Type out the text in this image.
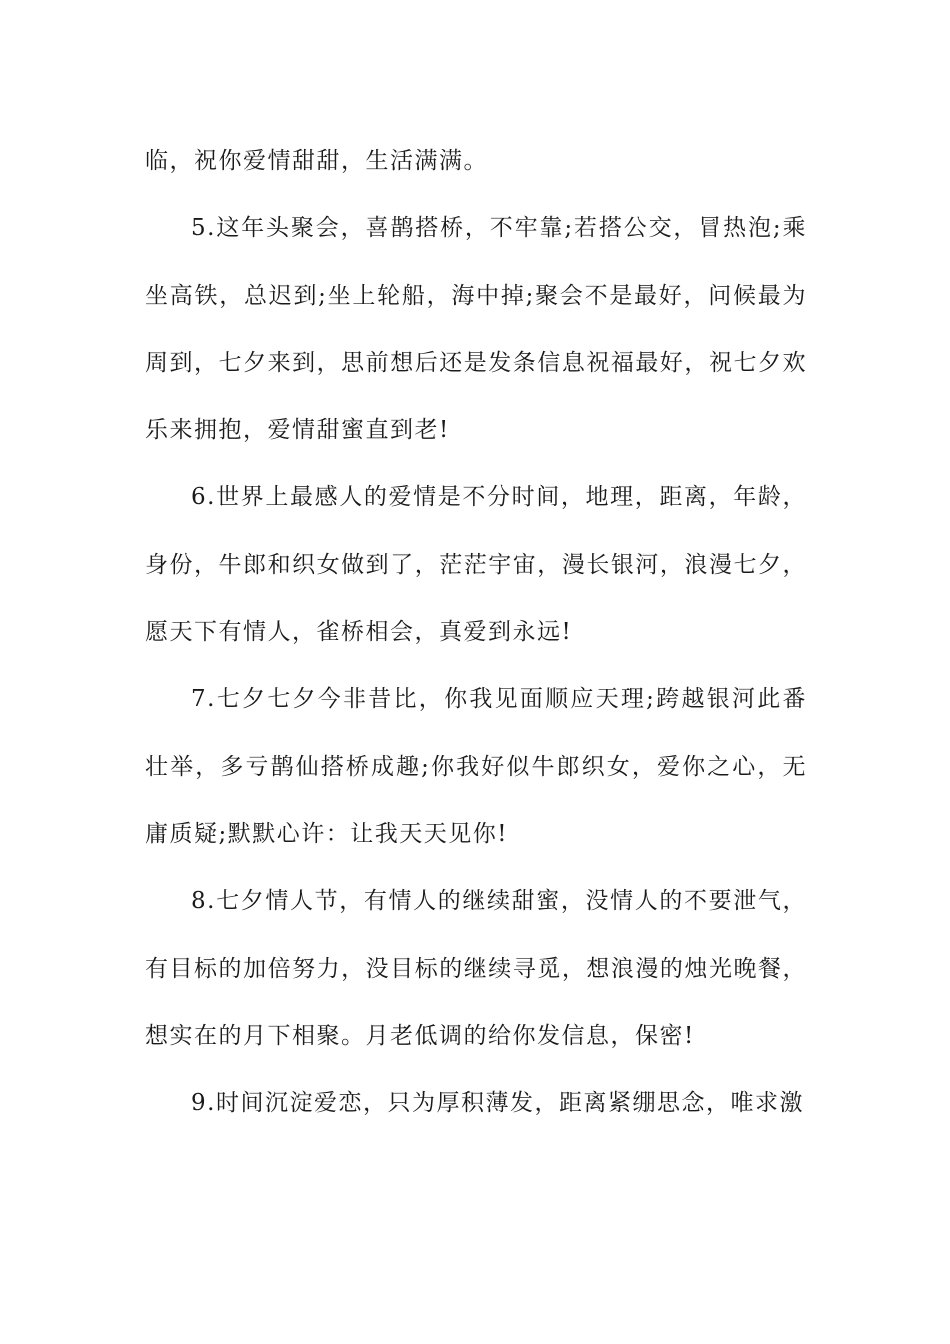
临，祝你爱情甜甜，生活满满。

5.这年头聚会，喜鹊搭桥，不牢靠;若搭公交，冒热泡;乘坐高铁，总迟到;坐上轮船，海中掉;聚会不是最好，问候最为周到，七夕来到，思前想后还是发条信息祝福最好，祝七夕欢乐来拥抱，爱情甜蜜直到老!

6.世界上最感人的爱情是不分时间，地理，距离，年龄，身份，牛郎和织女做到了，茫茫宇宙，漫长银河，浪漫七夕，愿天下有情人，雀桥相会，真爱到永远!

7.七夕七夕今非昔比，你我见面顺应天理;跨越银河此番壮举，多亏鹊仙搭桥成趣;你我好似牛郎织女，爱你之心，无庸质疑;默默心许：让我天天见你!

8.七夕情人节，有情人的继续甜蜜，没情人的不要泄气，有目标的加倍努力，没目标的继续寻觅，想浪漫的烛光晚餐，想实在的月下相聚。月老低调的给你发信息，保密!

9.时间沉淀爱恋，只为厚积薄发，距离紧绷思念，唯求激
